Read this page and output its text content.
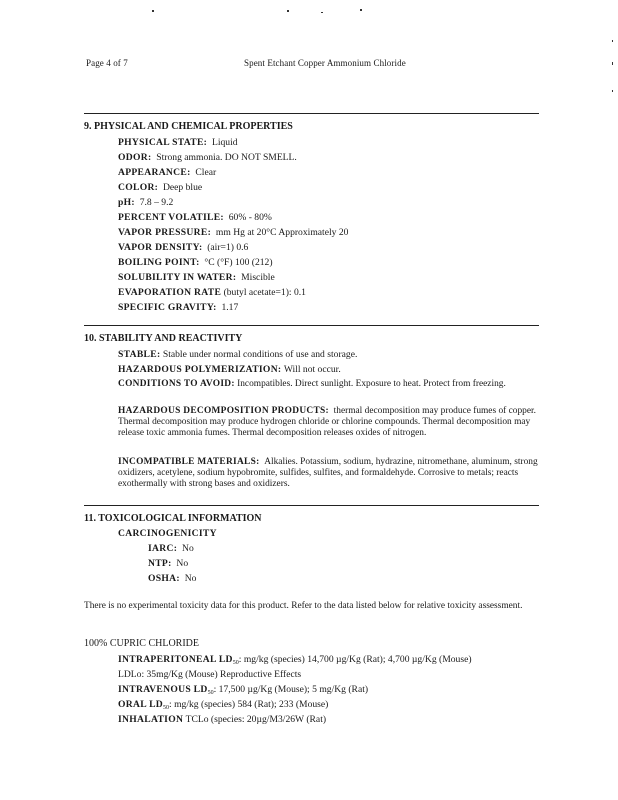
Page 4 of 7	Spent Etchant Copper Ammonium Chloride
9. PHYSICAL AND CHEMICAL PROPERTIES
PHYSICAL STATE: Liquid
ODOR: Strong ammonia. DO NOT SMELL.
APPEARANCE: Clear
COLOR: Deep blue
pH: 7.8 – 9.2
PERCENT VOLATILE: 60% - 80%
VAPOR PRESSURE: mm Hg at 20°C Approximately 20
VAPOR DENSITY: (air=1) 0.6
BOILING POINT: °C (°F) 100 (212)
SOLUBILITY IN WATER: Miscible
EVAPORATION RATE (butyl acetate=1): 0.1
SPECIFIC GRAVITY: 1.17
10. STABILITY AND REACTIVITY
STABLE: Stable under normal conditions of use and storage.
HAZARDOUS POLYMERIZATION: Will not occur.
CONDITIONS TO AVOID: Incompatibles. Direct sunlight. Exposure to heat. Protect from freezing.
HAZARDOUS DECOMPOSITION PRODUCTS: thermal decomposition may produce fumes of copper. Thermal decomposition may produce hydrogen chloride or chlorine compounds. Thermal decomposition may release toxic ammonia fumes. Thermal decomposition releases oxides of nitrogen.
INCOMPATIBLE MATERIALS: Alkalies. Potassium, sodium, hydrazine, nitromethane, aluminum, strong oxidizers, acetylene, sodium hypobromite, sulfides, sulfites, and formaldehyde. Corrosive to metals; reacts exothermally with strong bases and oxidizers.
11. TOXICOLOGICAL INFORMATION
CARCINOGENICITY
IARC: No
NTP: No
OSHA: No
There is no experimental toxicity data for this product. Refer to the data listed below for relative toxicity assessment.
100% CUPRIC CHLORIDE
INTRAPERITONEAL $LD_{50}$: mg/kg (species) 14,700 µg/Kg (Rat); 4,700 µg/Kg (Mouse)
LDLo: 35mg/Kg (Mouse) Reproductive Effects
INTRAVENOUS $LD_{50}$: 17,500 µg/Kg (Mouse); 5 mg/Kg (Rat)
ORAL $LD_{50}$: mg/kg (species) 584 (Rat); 233 (Mouse)
INHALATION TCLo (species: 20µg/M3/26W (Rat)
